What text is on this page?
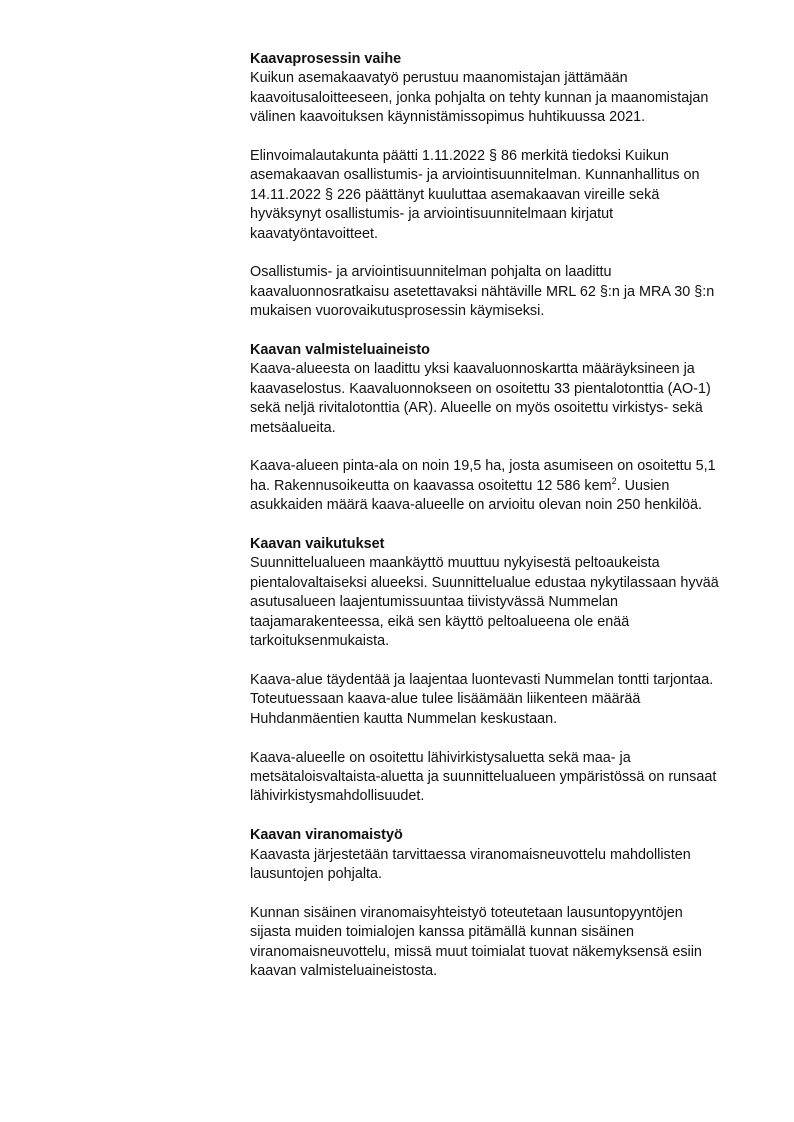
Kaavaprosessin vaihe

Kuikun asemakaavatyö perustuu maanomistajan jättämään
kaavoitusaloitteeseen, jonka pohjalta on tehty kunnan ja maanomistajan
välinen kaavoituksen käynnistämissopimus huhtikuussa 2021.

Elinvoimalautakunta päätti 1.11.2022 § 86 merkitä tiedoksi Kuikun
asemakaavan osallistumis- ja arviointisuunnitelman. Kunnanhallitus on
14.11.2022 § 226 päättänyt kuuluttaa asemakaavan vireille sekä
hyväksynyt osallistumis- ja arviointisuunnitelmaan kirjatut
kaavatyöntavoitteet.

Osallistumis- ja arviointisuunnitelman pohjalta on laadittu
kaavaluonnosratkaisu asetettavaksi nähtäville MRL 62 §:n ja MRA 30 §:n
mukaisen vuorovaikutusprosessin käymiseksi.

Kaavan valmisteluaineisto

Kaava-alueesta on laadittu yksi kaavaluonnoskartta määräyksineen ja
kaavaselostus. Kaavaluonnokseen on osoitettu 33 pientalotonttia (AO-1)
sekä neljä rivitalotonttia (AR). Alueelle on myös osoitettu virkistys- sekä
metsäalueita.

Kaava-alueen pinta-ala on noin 19,5 ha, josta asumiseen on osoitettu 5,1
ha. Rakennusoikeutta on kaavassa osoitettu 12 586 kem$^2$. Uusien
asukkaiden määrä kaava-alueelle on arvioitu olevan noin 250 henkilöä.

Kaavan vaikutukset

Suunnittelualueen maankäyttö muuttuu nykyisestä peltoaukeista
pientalovaltaiseksi alueeksi. Suunnittelualue edustaa nykytilassaan hyvää
asutusalueen laajentumissuuntaa tiivistyvässä Nummelan
taajamarakenteessa, eikä sen käyttö peltoalueena ole enää
tarkoituksenmukaista.

Kaava-alue täydentää ja laajentaa luontevasti Nummelan tontti tarjontaa.
Toteutuessaan kaava-alue tulee lisäämään liikenteen määrää
Huhdanmäentien kautta Nummelan keskustaan.

Kaava-alueelle on osoitettu lähivirkistysaluetta sekä maa- ja
metsätaloisvaltaista-aluetta ja suunnittelualueen ympäristössä on runsaat
lähivirkistysmahdollisuudet.

Kaavan viranomaistyö

Kaavasta järjestetään tarvittaessa viranomaisneuvottelu mahdollisten
lausuntojen pohjalta.

Kunnan sisäinen viranomaisyhteistyö toteutetaan lausuntopyyntöjen
sijasta muiden toimialojen kanssa pitämällä kunnan sisäinen
viranomaisneuvottelu, missä muut toimialat tuovat näkemyksensä esiin
kaavan valmisteluaineistosta.
